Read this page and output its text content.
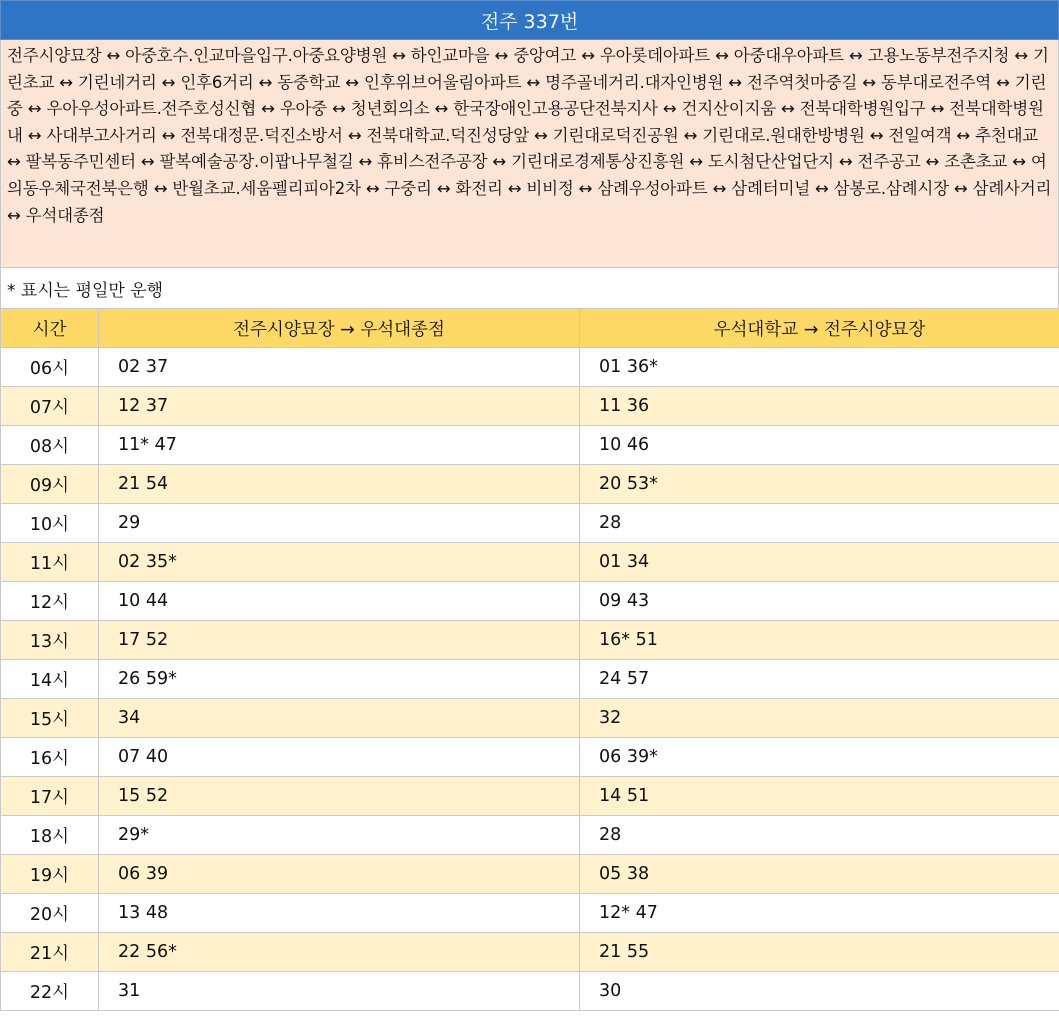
전주 337번
전주시양묘장 ↔ 아중호수.인교마을입구.아중요양병원 ↔ 하인교마을 ↔ 중앙여고 ↔ 우아롯데아파트 ↔ 아중대우아파트 ↔ 고용노동부전주지청 ↔ 기린초교 ↔ 기린네거리 ↔ 인후6거리 ↔ 동중학교 ↔ 인후위브어울림아파트 ↔ 명주골네거리.대자인병원 ↔ 전주역첫마중길 ↔ 동부대로전주역 ↔ 기린중 ↔ 우아우성아파트.전주호성신협 ↔ 우아중 ↔ 청년회의소 ↔ 한국장애인고용공단전북지사 ↔ 건지산이지움 ↔ 전북대학병원입구 ↔ 전북대학병원내 ↔ 사대부고사거리 ↔ 전북대정문.덕진소방서 ↔ 전북대학교.덕진성당앞 ↔ 기린대로덕진공원 ↔ 기린대로.원대한방병원 ↔ 전일여객 ↔ 추천대교 ↔ 팔복동주민센터 ↔ 팔복예술공장.이팝나무철길 ↔ 휴비스전주공장 ↔ 기린대로경제통상진흥원 ↔ 도시첨단산업단지 ↔ 전주공고 ↔ 조촌초교 ↔ 여의동우체국전북은행 ↔ 반월초교.세움펠리피아2차 ↔ 구중리 ↔ 화전리 ↔ 비비정 ↔ 삼례우성아파트 ↔ 삼례터미널 ↔ 삼봉로.삼례시장 ↔ 삼례사거리 ↔ 우석대종점
* 표시는 평일만 운행
시간	전주시양묘장 → 우석대종점	우석대학교 → 전주시양묘장
06시	02 37	01 36*
07시	12 37	11 36
08시	11* 47	10 46
09시	21 54	20 53*
10시	29	28
11시	02 35*	01 34
12시	10 44	09 43
13시	17 52	16* 51
14시	26 59*	24 57
15시	34	32
16시	07 40	06 39*
17시	15 52	14 51
18시	29*	28
19시	06 39	05 38
20시	13 48	12* 47
21시	22 56*	21 55
22시	31	30
